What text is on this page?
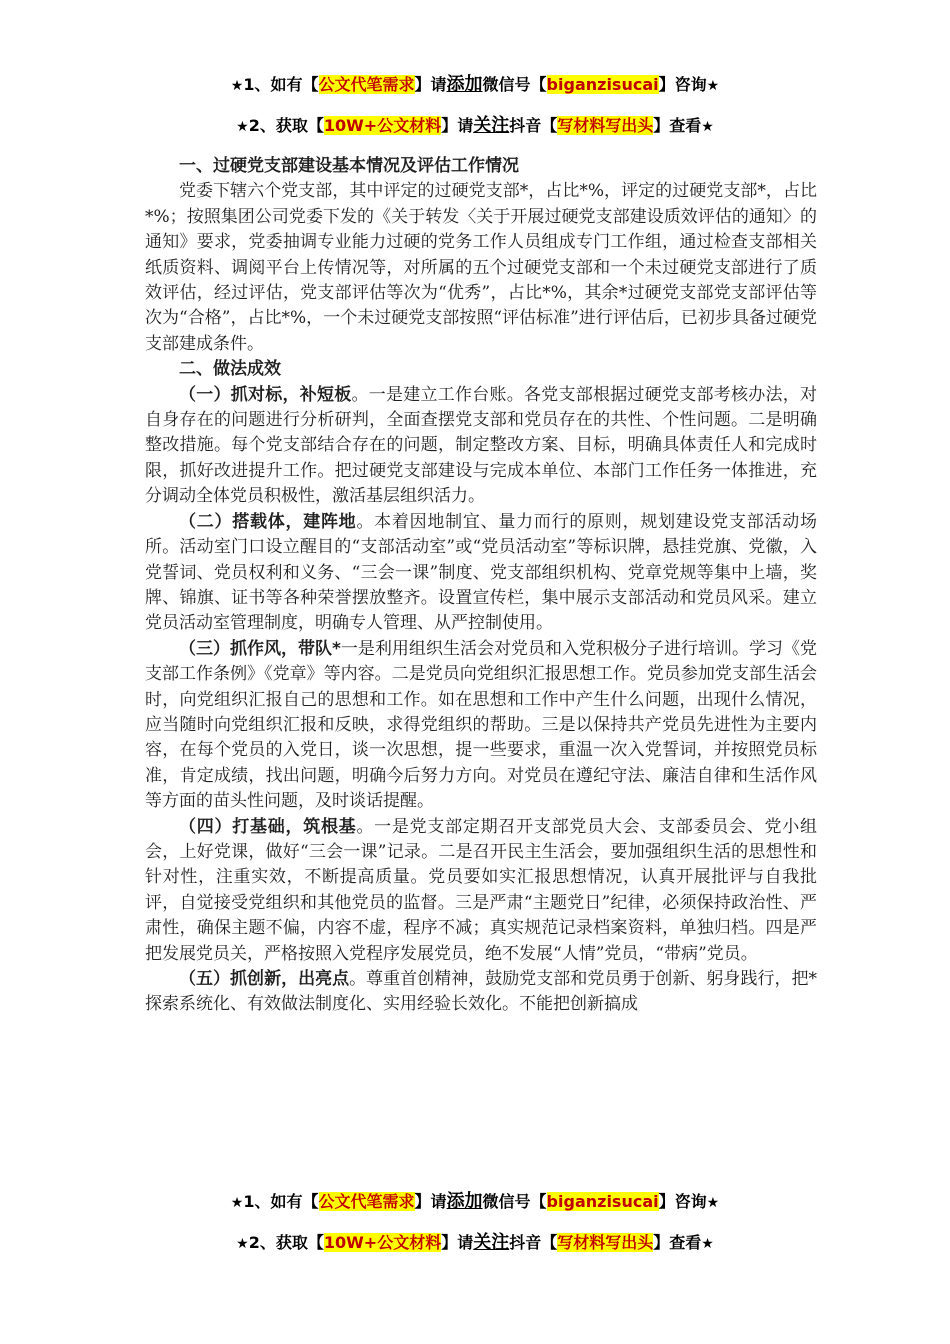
★1、如有【公文代笔需求】请添加微信号【biganzisucai】咨询★
★2、获取【10W+公文材料】请关注抖音【写材料写出头】查看★

一、过硬党支部建设基本情况及评估工作情况

党委下辖六个党支部，其中评定的过硬党支部*，占比*%，评定的过硬党支部*，占比*%；按照集团公司党委下发的《关于转发〈关于开展过硬党支部建设质效评估的通知〉的通知》要求，党委抽调专业能力过硬的党务工作人员组成专门工作组，通过检查支部相关纸质资料、调阅平台上传情况等，对所属的五个过硬党支部和一个未过硬党支部进行了质效评估，经过评估，党支部评估等次为“优秀”，占比*%，其余*过硬党支部党支部评估等次为“合格”，占比*%，一个未过硬党支部按照“评估标准”进行评估后，已初步具备过硬党支部建成条件。

二、做法成效

（一）抓对标，补短板。一是建立工作台账。各党支部根据过硬党支部考核办法，对自身存在的问题进行分析研判，全面查摆党支部和党员存在的共性、个性问题。二是明确整改措施。每个党支部结合存在的问题，制定整改方案、目标，明确具体责任人和完成时限，抓好改进提升工作。把过硬党支部建设与完成本单位、本部门工作任务一体推进，充分调动全体党员积极性，激活基层组织活力。

（二）搭载体，建阵地。本着因地制宜、量力而行的原则，规划建设党支部活动场所。活动室门口设立醒目的“支部活动室”或“党员活动室”等标识牌，悬挂党旗、党徽，入党誓词、党员权利和义务、“三会一课”制度、党支部组织机构、党章党规等集中上墙，奖牌、锦旗、证书等各种荣誉摆放整齐。设置宣传栏，集中展示支部活动和党员风采。建立党员活动室管理制度，明确专人管理、从严控制使用。

（三）抓作风，带队*一是利用组织生活会对党员和入党积极分子进行培训。学习《党支部工作条例》《党章》等内容。二是党员向党组织汇报思想工作。党员参加党支部生活会时，向党组织汇报自己的思想和工作。如在思想和工作中产生什么问题，出现什么情况，应当随时向党组织汇报和反映，求得党组织的帮助。三是以保持共产党员先进性为主要内容，在每个党员的入党日，谈一次思想，提一些要求，重温一次入党誓词，并按照党员标准，肯定成绩，找出问题，明确今后努力方向。对党员在遵纪守法、廉洁自律和生活作风等方面的苗头性问题，及时谈话提醒。

（四）打基础，筑根基。一是党支部定期召开支部党员大会、支部委员会、党小组会，上好党课，做好“三会一课”记录。二是召开民主生活会，要加强组织生活的思想性和针对性，注重实效，不断提高质量。党员要如实汇报思想情况，认真开展批评与自我批评，自觉接受党组织和其他党员的监督。三是严肃“主题党日”纪律，必须保持政治性、严肃性，确保主题不偏，内容不虚，程序不减；真实规范记录档案资料，单独归档。四是严把发展党员关，严格按照入党程序发展党员，绝不发展“人情”党员，“带病”党员。

（五）抓创新，出亮点。尊重首创精神，鼓励党支部和党员勇于创新、躬身践行，把*探索系统化、有效做法制度化、实用经验长效化。不能把创新搞成

★1、如有【公文代笔需求】请添加微信号【biganzisucai】咨询★
★2、获取【10W+公文材料】请关注抖音【写材料写出头】查看★
